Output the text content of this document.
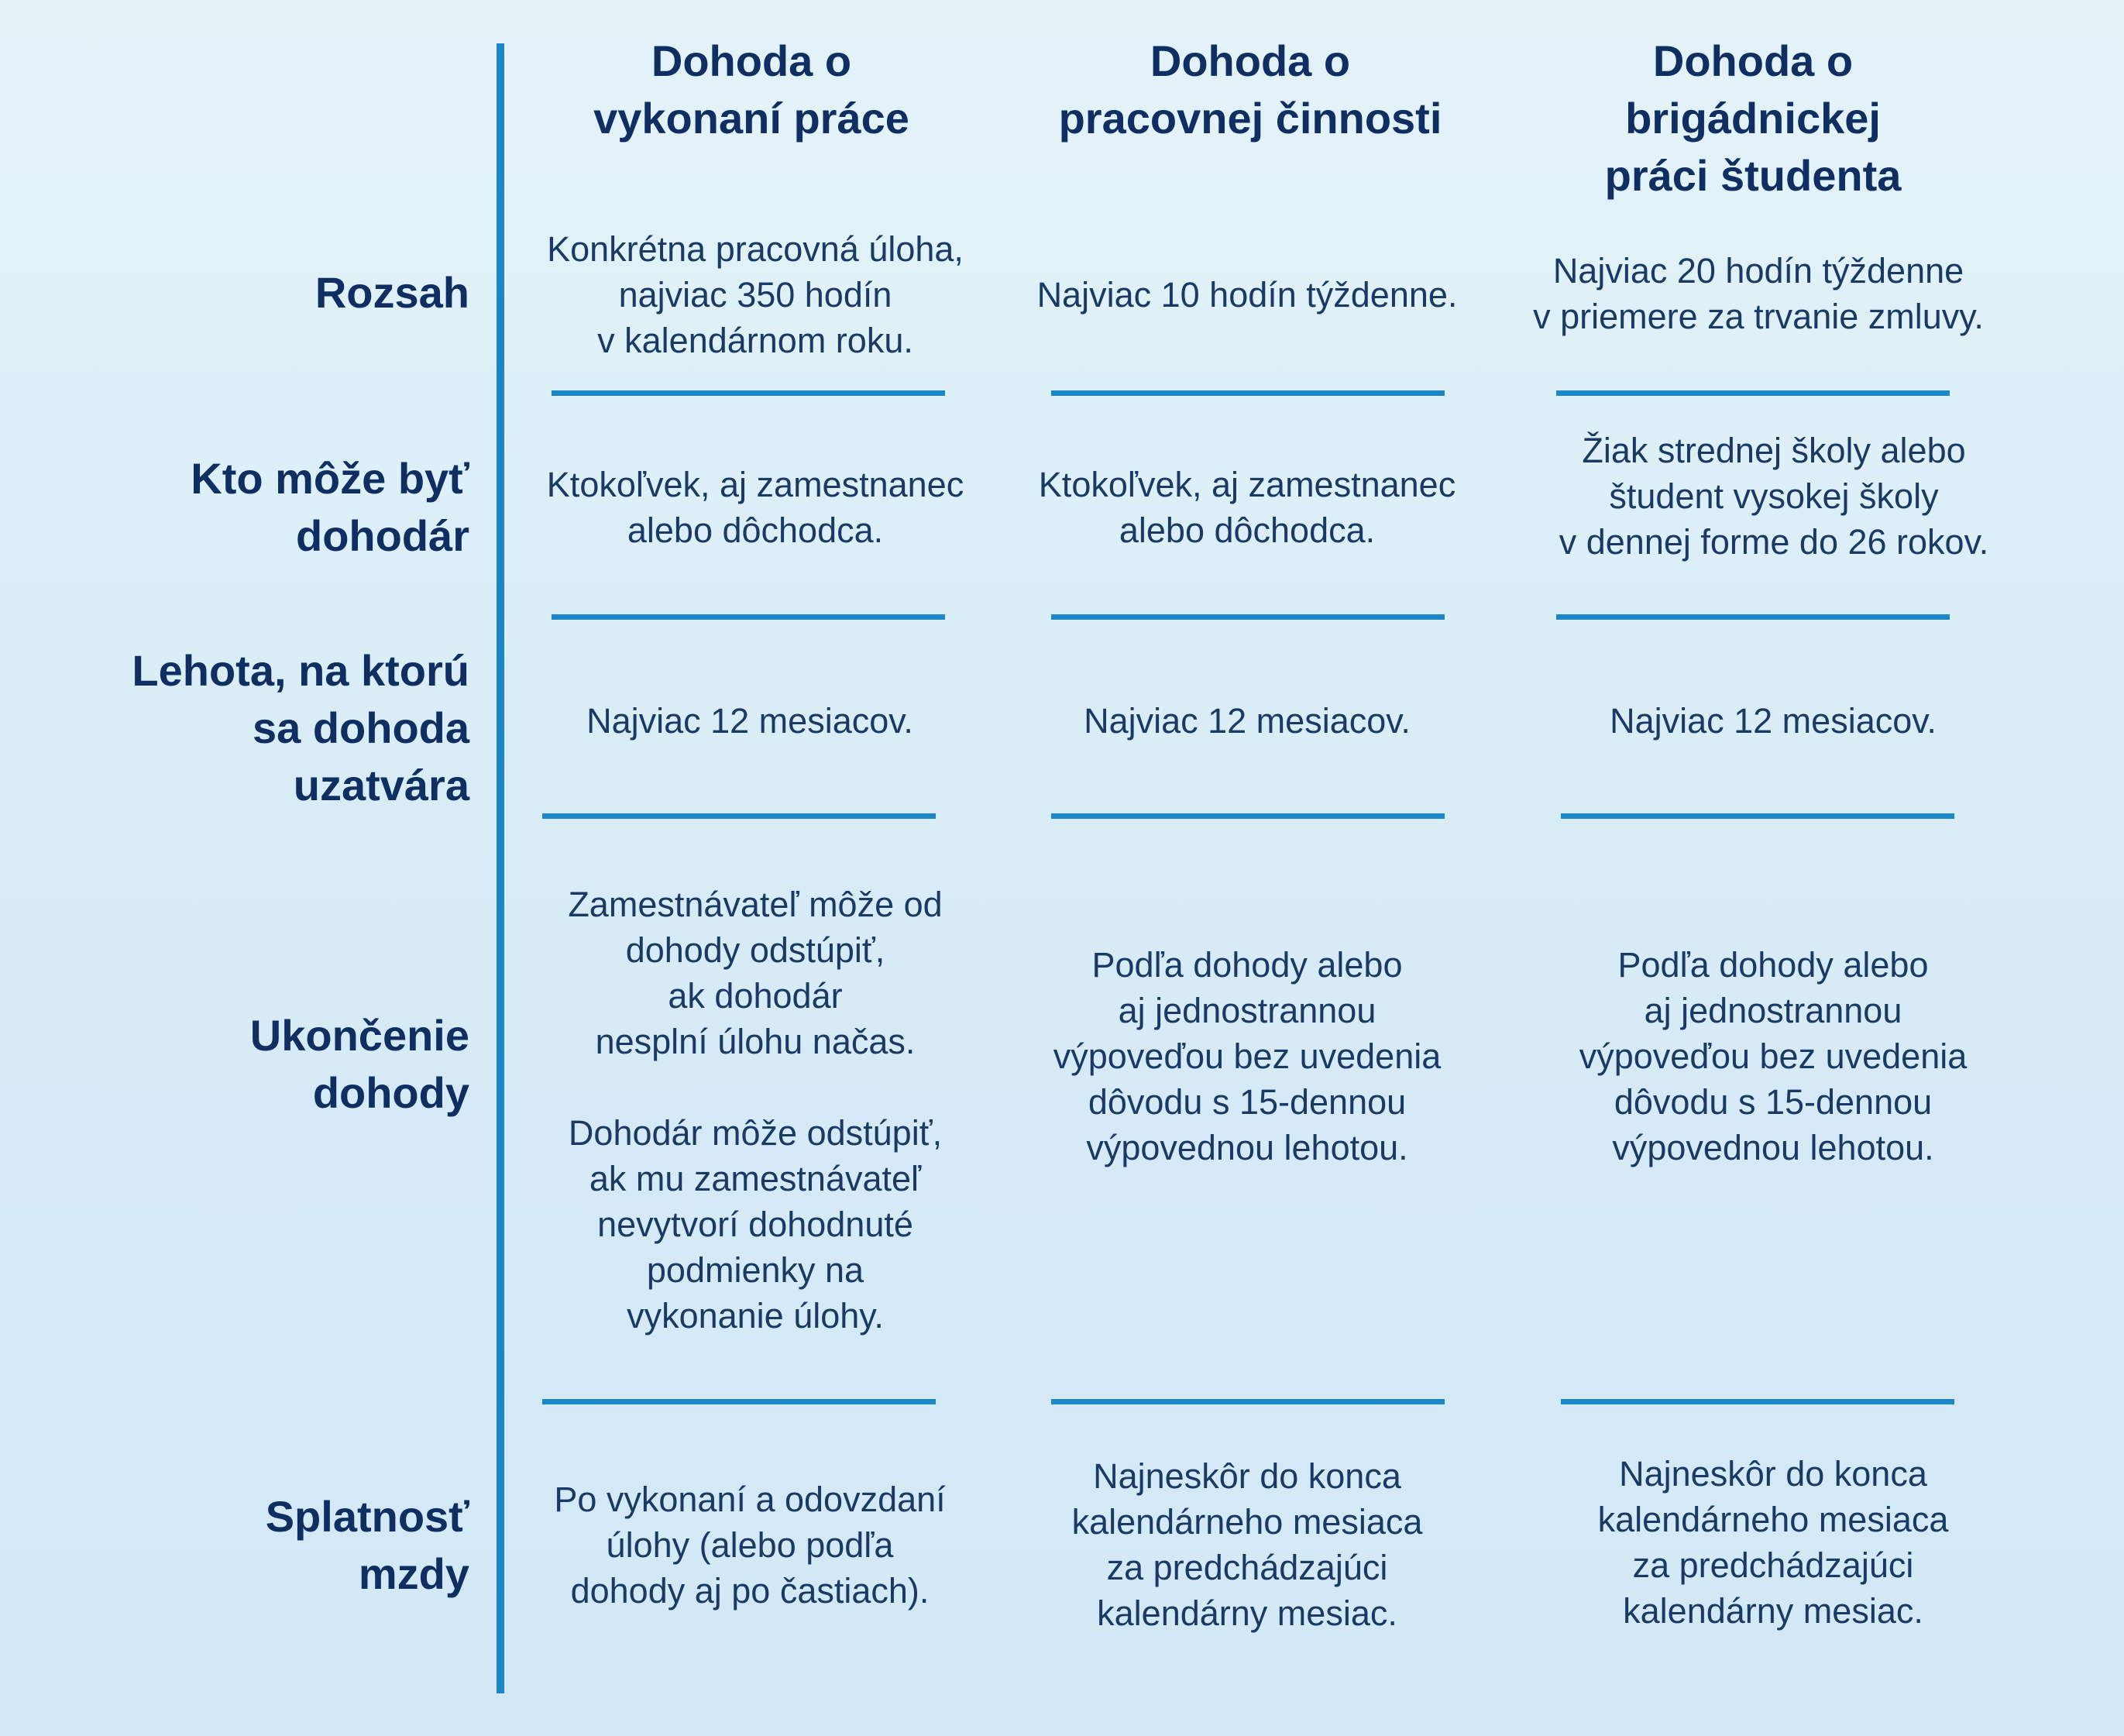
Dohoda o
vykonaní práce
Dohoda o
pracovnej činnosti
Dohoda o
brigádnickej
práci študenta
Rozsah
Konkrétna pracovná úloha,
najviac 350 hodín
v kalendárnom roku.
Najviac 10 hodín týždenne.
Najviac 20 hodín týždenne
v priemere za trvanie zmluvy.
Kto môže byť
dohodár
Ktokoľvek, aj zamestnanec
alebo dôchodca.
Ktokoľvek, aj zamestnanec
alebo dôchodca.
Žiak strednej školy alebo
študent vysokej školy
v dennej forme do 26 rokov.
Lehota, na ktorú
sa dohoda
uzatvára
Najviac 12 mesiacov.	Najviac 12 mesiacov.	Najviac 12 mesiacov.
Ukončenie
dohody
Zamestnávateľ môže od
dohody odstúpiť,
ak dohodár
nesplní úlohu načas.

Dohodár môže odstúpiť,
ak mu zamestnávateľ
nevytvorí dohodnuté
podmienky na
vykonanie úlohy.
Podľa dohody alebo
aj jednostrannou
výpoveďou bez uvedenia
dôvodu s 15-dennou
výpovednou lehotou.
Podľa dohody alebo
aj jednostrannou
výpoveďou bez uvedenia
dôvodu s 15-dennou
výpovednou lehotou.
Splatnosť
mzdy
Po vykonaní a odovzdaní
úlohy (alebo podľa
dohody aj po častiach).
Najneskôr do konca
kalendárneho mesiaca
za predchádzajúci
kalendárny mesiac.
Najneskôr do konca
kalendárneho mesiaca
za predchádzajúci
kalendárny mesiac.
